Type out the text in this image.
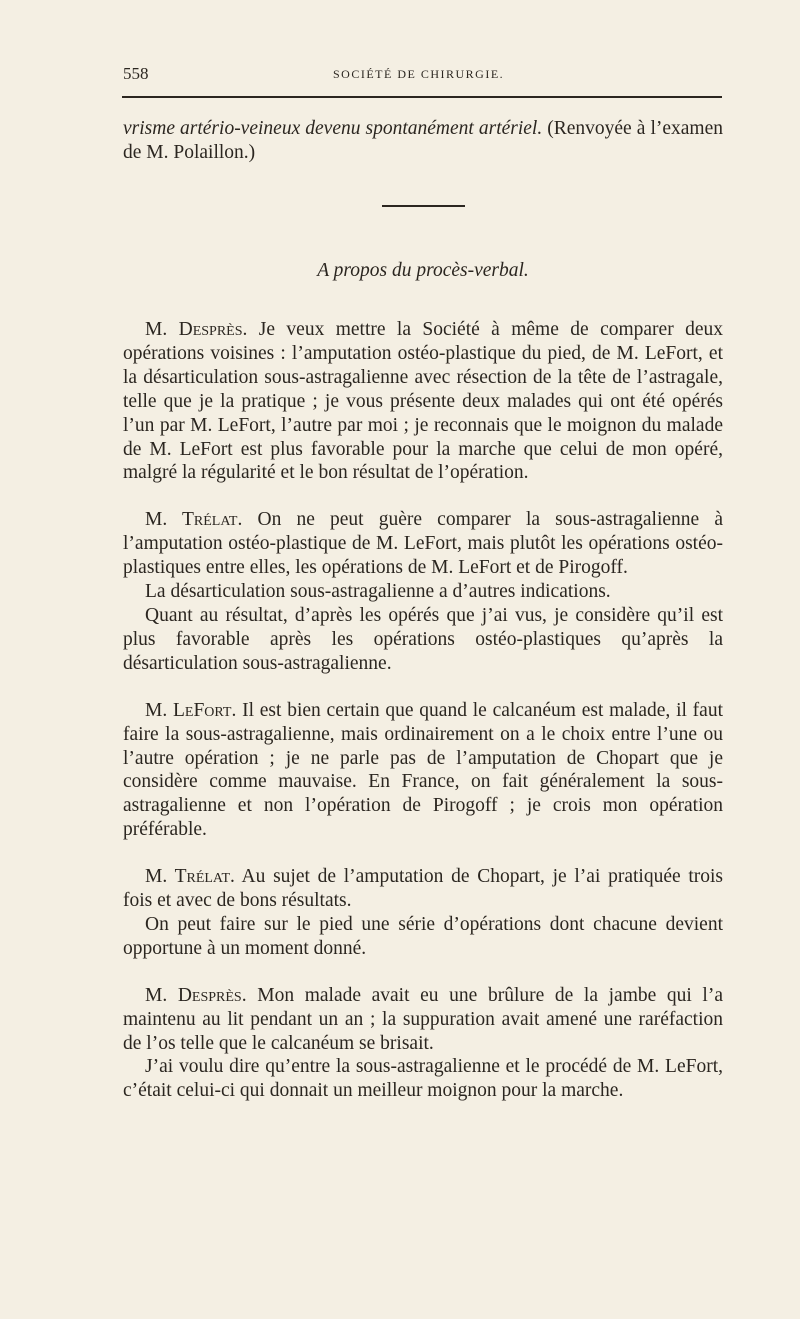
558	SOCIÉTÉ DE CHIRURGIE.

vrisme artério-veineux devenu spontanément artériel. (Renvoyée à l’examen de M. Polaillon.)

A propos du procès-verbal.

M. Desprès. Je veux mettre la Société à même de comparer deux opérations voisines : l’amputation ostéo-plastique du pied, de M. LeFort, et la désarticulation sous-astragalienne avec résection de la tête de l’astragale, telle que je la pratique ; je vous présente deux malades qui ont été opérés l’un par M. LeFort, l’autre par moi ; je reconnais que le moignon du malade de M. LeFort est plus favorable pour la marche que celui de mon opéré, malgré la régularité et le bon résultat de l’opération.

M. Trélat. On ne peut guère comparer la sous-astragalienne à l’amputation ostéo-plastique de M. LeFort, mais plutôt les opérations ostéo-plastiques entre elles, les opérations de M. LeFort et de Pirogoff.

La désarticulation sous-astragalienne a d’autres indications.

Quant au résultat, d’après les opérés que j’ai vus, je considère qu’il est plus favorable après les opérations ostéo-plastiques qu’après la désarticulation sous-astragalienne.

M. LeFort. Il est bien certain que quand le calcanéum est malade, il faut faire la sous-astragalienne, mais ordinairement on a le choix entre l’une ou l’autre opération ; je ne parle pas de l’amputation de Chopart que je considère comme mauvaise. En France, on fait généralement la sous-astragalienne et non l’opération de Pirogoff ; je crois mon opération préférable.

M. Trélat. Au sujet de l’amputation de Chopart, je l’ai pratiquée trois fois et avec de bons résultats.

On peut faire sur le pied une série d’opérations dont chacune devient opportune à un moment donné.

M. Desprès. Mon malade avait eu une brûlure de la jambe qui l’a maintenu au lit pendant un an ; la suppuration avait amené une raréfaction de l’os telle que le calcanéum se brisait.

J’ai voulu dire qu’entre la sous-astragalienne et le procédé de M. LeFort, c’était celui-ci qui donnait un meilleur moignon pour la marche.
